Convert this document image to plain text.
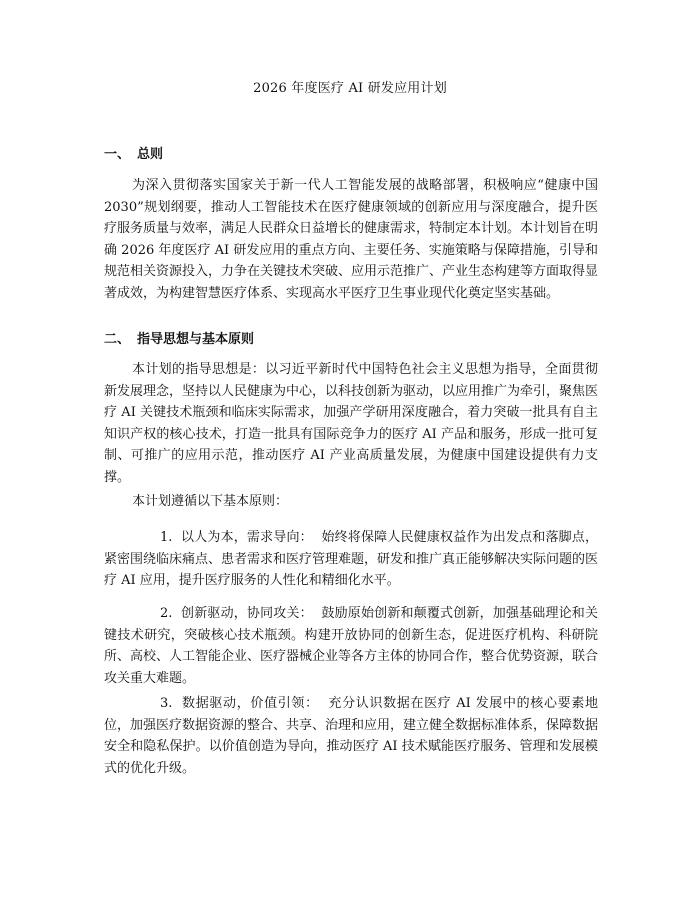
2026 年度医疗 AI 研发应用计划
一、 总则

为深入贯彻落实国家关于新一代人工智能发展的战略部署，积极响应“健康中国 2030”规划纲要，推动人工智能技术在医疗健康领域的创新应用与深度融合，提升医疗服务质量与效率，满足人民群众日益增长的健康需求，特制定本计划。本计划旨在明确 2026 年度医疗 AI 研发应用的重点方向、主要任务、实施策略与保障措施，引导和规范相关资源投入，力争在关键技术突破、应用示范推广、产业生态构建等方面取得显著成效，为构建智慧医疗体系、实现高水平医疗卫生事业现代化奠定坚实基础。

二、 指导思想与基本原则

本计划的指导思想是：以习近平新时代中国特色社会主义思想为指导，全面贯彻新发展理念，坚持以人民健康为中心，以科技创新为驱动，以应用推广为牵引，聚焦医疗 AI 关键技术瓶颈和临床实际需求，加强产学研用深度融合，着力突破一批具有自主知识产权的核心技术，打造一批具有国际竞争力的医疗 AI 产品和服务，形成一批可复制、可推广的应用示范，推动医疗 AI 产业高质量发展，为健康中国建设提供有力支撑。

本计划遵循以下基本原则：

1. 以人为本，需求导向： 始终将保障人民健康权益作为出发点和落脚点，紧密围绕临床痛点、患者需求和医疗管理难题，研发和推广真正能够解决实际问题的医疗 AI 应用，提升医疗服务的人性化和精细化水平。

2. 创新驱动，协同攻关： 鼓励原始创新和颠覆式创新，加强基础理论和关键技术研究，突破核心技术瓶颈。构建开放协同的创新生态，促进医疗机构、科研院所、高校、人工智能企业、医疗器械企业等各方主体的协同合作，整合优势资源，联合攻关重大难题。

3. 数据驱动，价值引领： 充分认识数据在医疗 AI 发展中的核心要素地位，加强医疗数据资源的整合、共享、治理和应用，建立健全数据标准体系，保障数据安全和隐私保护。以价值创造为导向，推动医疗 AI 技术赋能医疗服务、管理和发展模式的优化升级。
